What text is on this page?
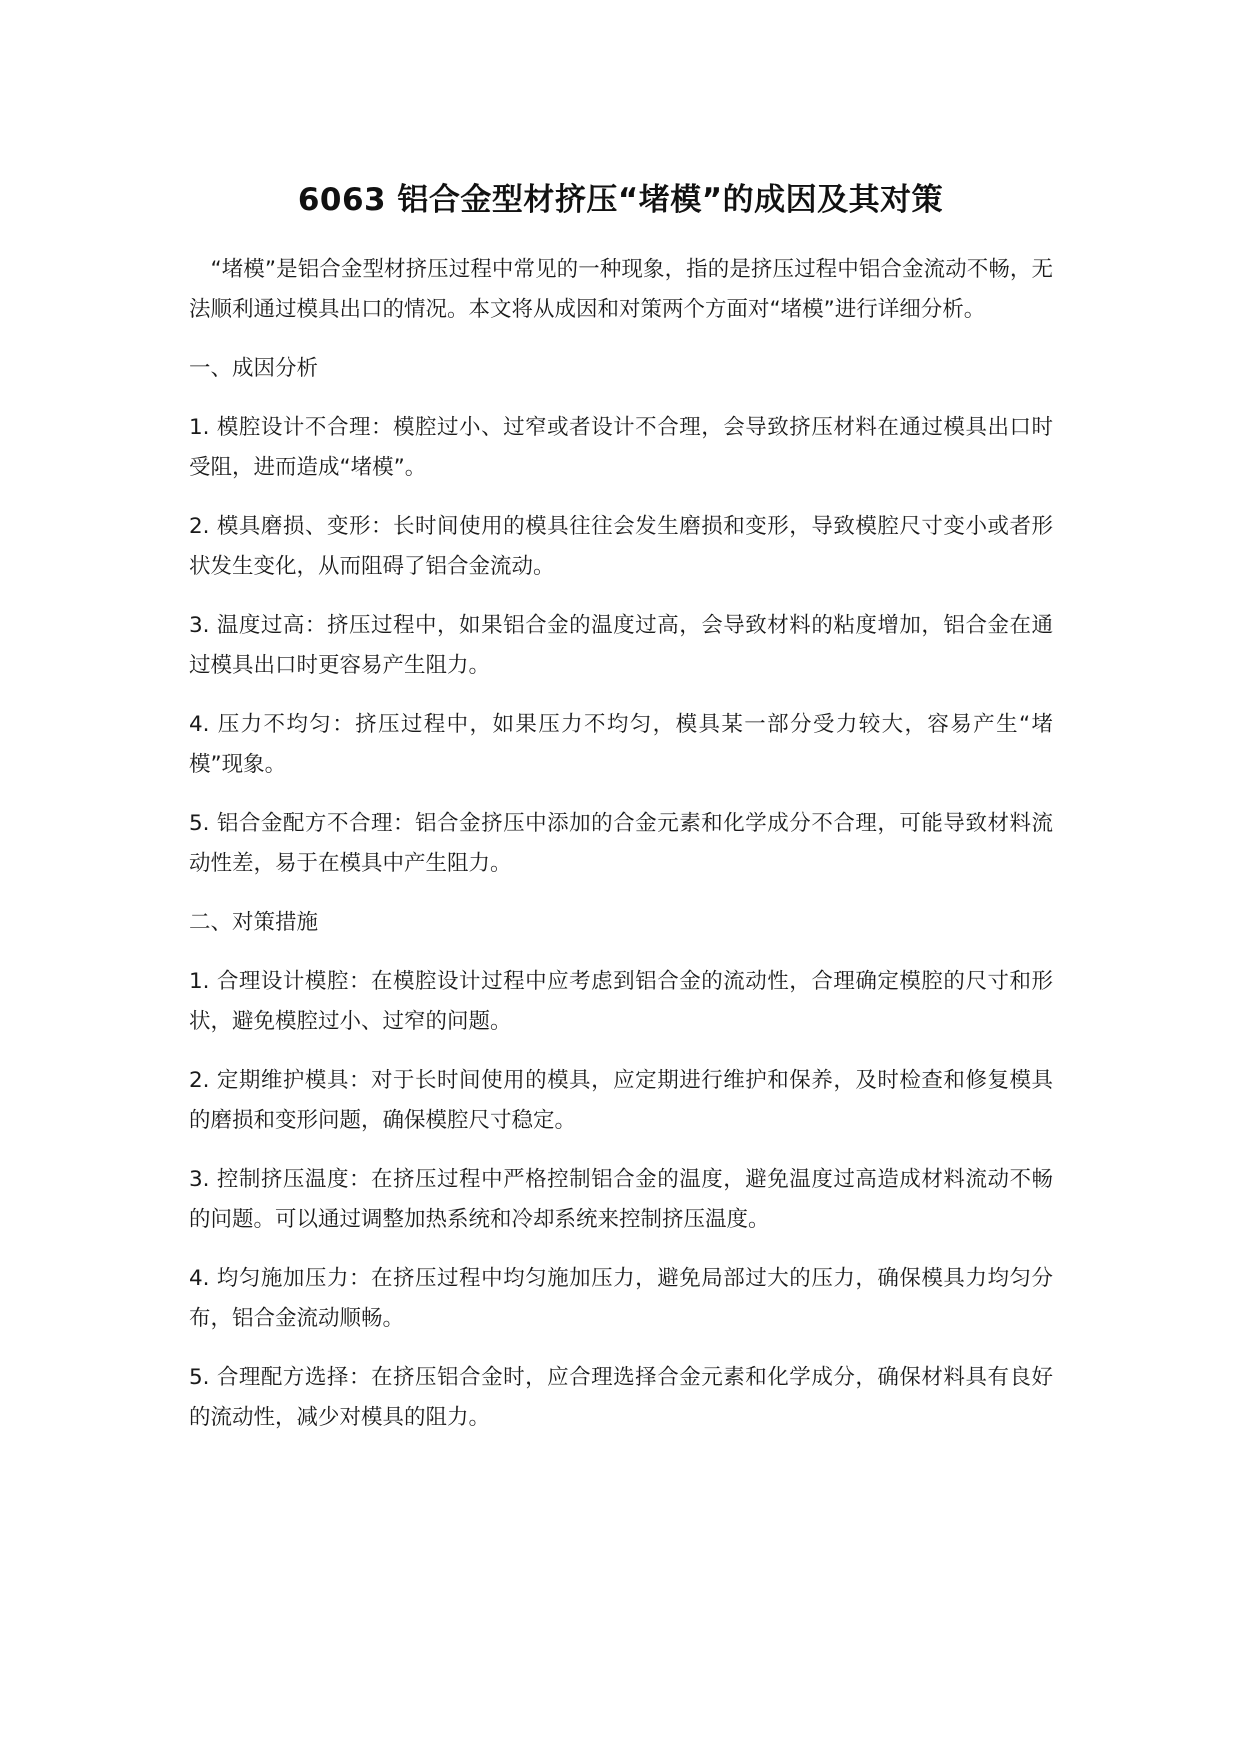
6063 铝合金型材挤压“堵模”的成因及其对策

“堵模”是铝合金型材挤压过程中常见的一种现象，指的是挤压过程中铝合金流动不畅，无法顺利通过模具出口的情况。本文将从成因和对策两个方面对“堵模”进行详细分析。

一、成因分析

1. 模腔设计不合理：模腔过小、过窄或者设计不合理，会导致挤压材料在通过模具出口时受阻，进而造成“堵模”。

2. 模具磨损、变形：长时间使用的模具往往会发生磨损和变形，导致模腔尺寸变小或者形状发生变化，从而阻碍了铝合金流动。

3. 温度过高：挤压过程中，如果铝合金的温度过高，会导致材料的粘度增加，铝合金在通过模具出口时更容易产生阻力。

4. 压力不均匀：挤压过程中，如果压力不均匀，模具某一部分受力较大，容易产生“堵模”现象。

5. 铝合金配方不合理：铝合金挤压中添加的合金元素和化学成分不合理，可能导致材料流动性差，易于在模具中产生阻力。

二、对策措施

1. 合理设计模腔：在模腔设计过程中应考虑到铝合金的流动性，合理确定模腔的尺寸和形状，避免模腔过小、过窄的问题。

2. 定期维护模具：对于长时间使用的模具，应定期进行维护和保养，及时检查和修复模具的磨损和变形问题，确保模腔尺寸稳定。

3. 控制挤压温度：在挤压过程中严格控制铝合金的温度，避免温度过高造成材料流动不畅的问题。可以通过调整加热系统和冷却系统来控制挤压温度。

4. 均匀施加压力：在挤压过程中均匀施加压力，避免局部过大的压力，确保模具力均匀分布，铝合金流动顺畅。

5. 合理配方选择：在挤压铝合金时，应合理选择合金元素和化学成分，确保材料具有良好的流动性，减少对模具的阻力。
